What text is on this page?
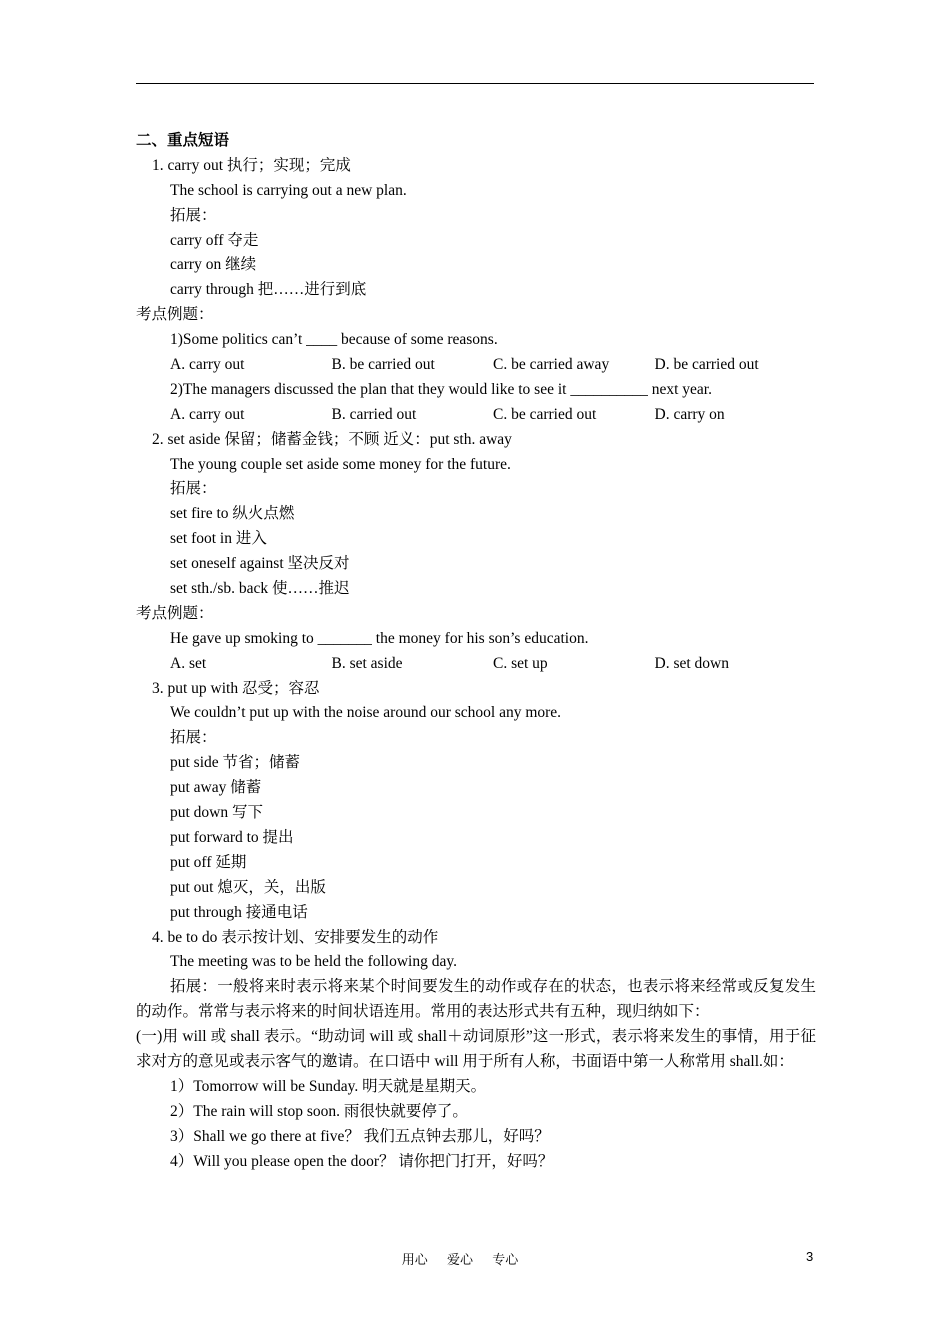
二、重点短语
1. carry out 执行；实现；完成
The school is carrying out a new plan.
拓展：
carry off 夺走
carry on 继续
carry through 把……进行到底
考点例题：
1)Some politics can’t ____ because of some reasons.
A. carry out	B. be carried out	C. be carried away	D. be carried out
2)The managers discussed the plan that they would like to see it __________ next year.
A. carry out	B. carried out	C. be carried out	D. carry on
2. set aside 保留；储蓄金钱；不顾 近义：put sth. away
The young couple set aside some money for the future.
拓展：
set fire to 纵火点燃
set foot in 进入
set oneself against 坚决反对
set sth./sb. back 使……推迟
考点例题：
He gave up smoking to _______ the money for his son’s education.
A. set	B. set aside	C. set up	D. set down
3. put up with 忍受；容忍
We couldn’t put up with the noise around our school any more.
拓展：
put side 节省；储蓄
put away 储蓄
put down 写下
put forward to 提出
put off 延期
put out 熄灭，关，出版
put through 接通电话
4. be to do 表示按计划、安排要发生的动作
The meeting was to be held the following day.
拓展：一般将来时表示将来某个时间要发生的动作或存在的状态，也表示将来经常或反复发生的动作。常常与表示将来的时间状语连用。常用的表达形式共有五种，现归纳如下：
(一)用 will 或 shall 表示。“助动词 will 或 shall＋动词原形”这一形式，表示将来发生的事情，用于征求对方的意见或表示客气的邀请。在口语中 will 用于所有人称，书面语中第一人称常用 shall.如：
1）Tomorrow will be Sunday. 明天就是星期天。
2）The rain will stop soon. 雨很快就要停了。
3）Shall we go there at five？ 我们五点钟去那儿，好吗？
4）Will you please open the door？ 请你把门打开，好吗？
用心 爱心 专心	3
